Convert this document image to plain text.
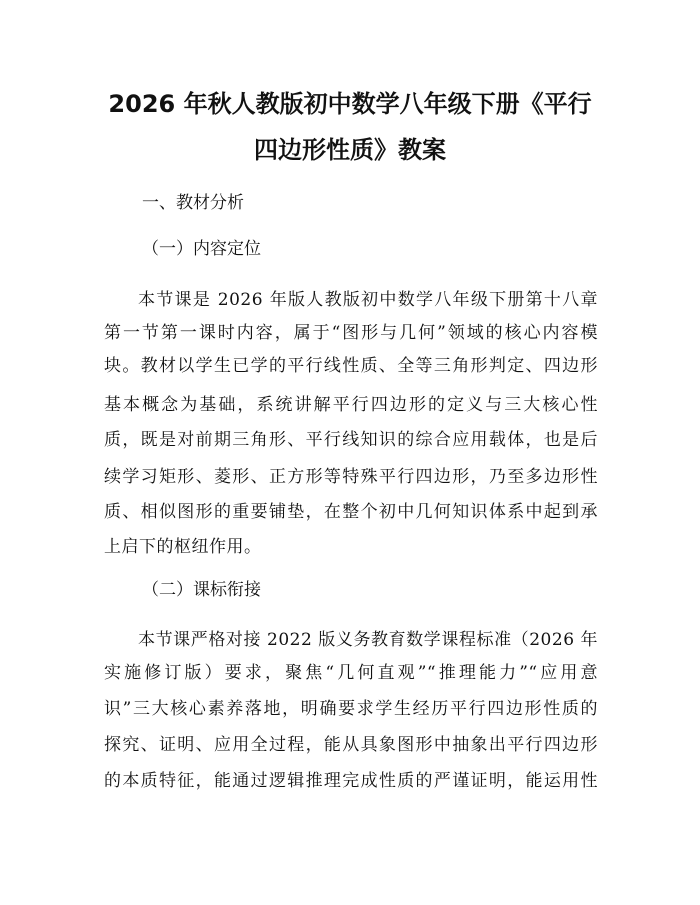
2026 年秋人教版初中数学八年级下册《平行
四边形性质》教案
一、教材分析
（一）内容定位
本节课是 2026 年版人教版初中数学八年级下册第十八章
第一节第一课时内容，属于“图形与几何”领域的核心内容模
块。教材以学生已学的平行线性质、全等三角形判定、四边形
基本概念为基础，系统讲解平行四边形的定义与三大核心性
质，既是对前期三角形、平行线知识的综合应用载体，也是后
续学习矩形、菱形、正方形等特殊平行四边形，乃至多边形性
质、相似图形的重要铺垫，在整个初中几何知识体系中起到承
上启下的枢纽作用。
（二）课标衔接
本节课严格对接 2022 版义务教育数学课程标准（2026 年
实施修订版）要求，聚焦“几何直观”“推理能力”“应用意
识”三大核心素养落地，明确要求学生经历平行四边形性质的
探究、证明、应用全过程，能从具象图形中抽象出平行四边形
的本质特征，能通过逻辑推理完成性质的严谨证明，能运用性
